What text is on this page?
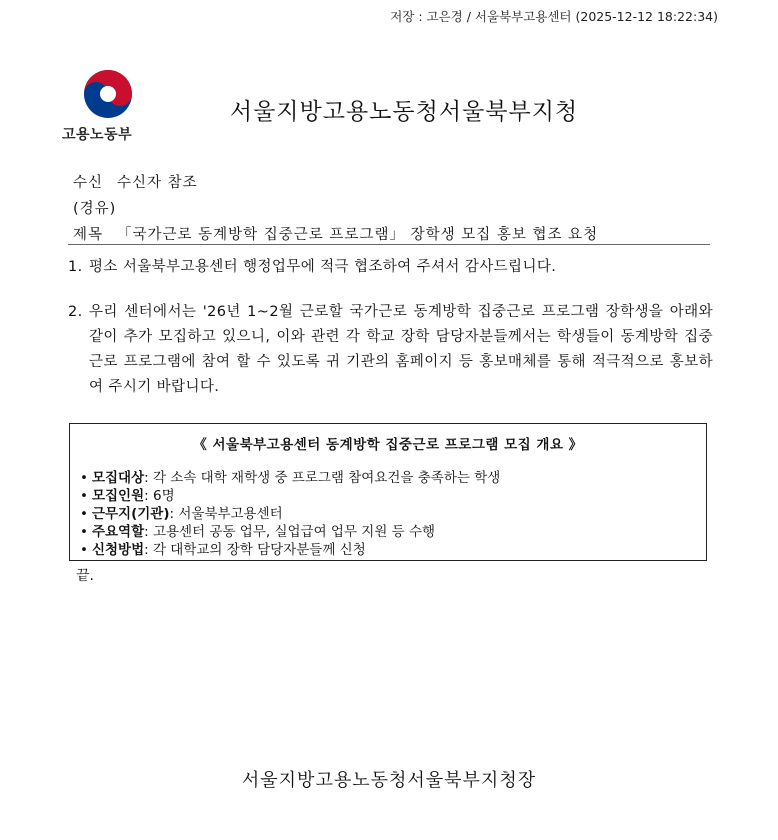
저장 : 고은경 / 서울북부고용센터 (2025-12-12 18:22:34)
고용노동부
서울지방고용노동청서울북부지청
수신 수신자 참조
(경유)
제목 「국가근로 동계방학 집중근로 프로그램」 장학생 모집 홍보 협조 요청
1. 평소 서울북부고용센터 행정업무에 적극 협조하여 주셔서 감사드립니다.
2. 우리 센터에서는 '26년 1~2월 근로할 국가근로 동계방학 집중근로 프로그램 장학생을 아래와 같이 추가 모집하고 있으니, 이와 관련 각 학교 장학 담당자분들께서는 학생들이 동계방학 집중근로 프로그램에 참여 할 수 있도록 귀 기관의 홈페이지 등 홍보매체를 통해 적극적으로 홍보하여 주시기 바랍니다.
《 서울북부고용센터 동계방학 집중근로 프로그램 모집 개요 》
• 모집대상: 각 소속 대학 재학생 중 프로그램 참여요건을 충족하는 학생
• 모집인원: 6명
• 근무지(기관): 서울북부고용센터
• 주요역할: 고용센터 공동 업무, 실업급여 업무 지원 등 수행
• 신청방법: 각 대학교의 장학 담당자분들께 신청
끝.
서울지방고용노동청서울북부지청장
